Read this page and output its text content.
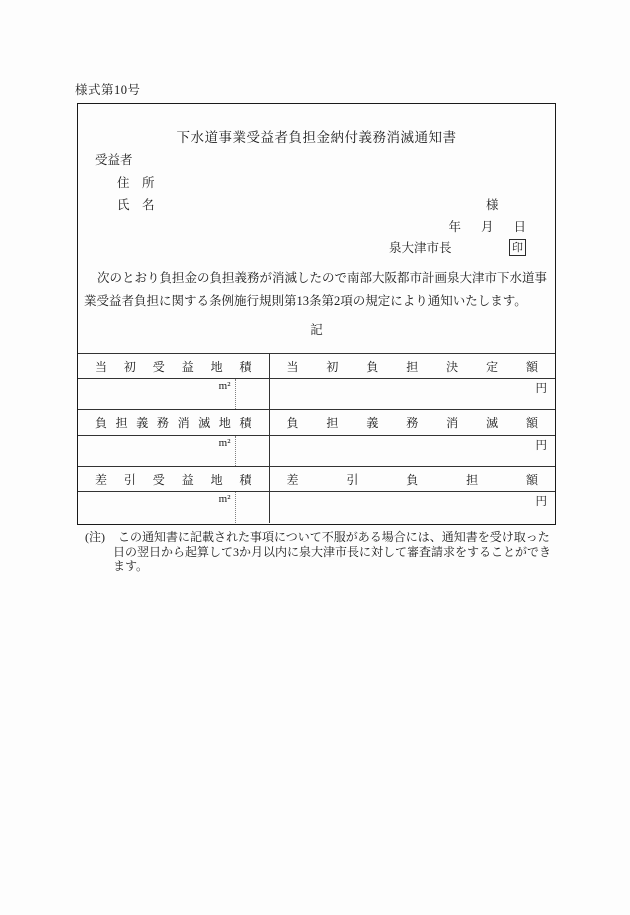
様式第10号
下水道事業受益者負担金納付義務消滅通知書
受益者
住　所
氏　名	様
年 月 日
泉大津市長	印
次のとおり負担金の負担義務が消滅したので南部大阪都市計画泉大津市下水道事業受益者負担に関する条例施行規則第13条第2項の規定により通知いたします。
記
当初受益地積	当初負担決定額

m²	円

負担義務消滅地積	負担義務消滅額

m²	円

差引受益地積	差引負担額

m²	円
(注) この通知書に記載された事項について不服がある場合には、通知書を受け取った日の翌日から起算して3か月以内に泉大津市長に対して審査請求をすることができます。
